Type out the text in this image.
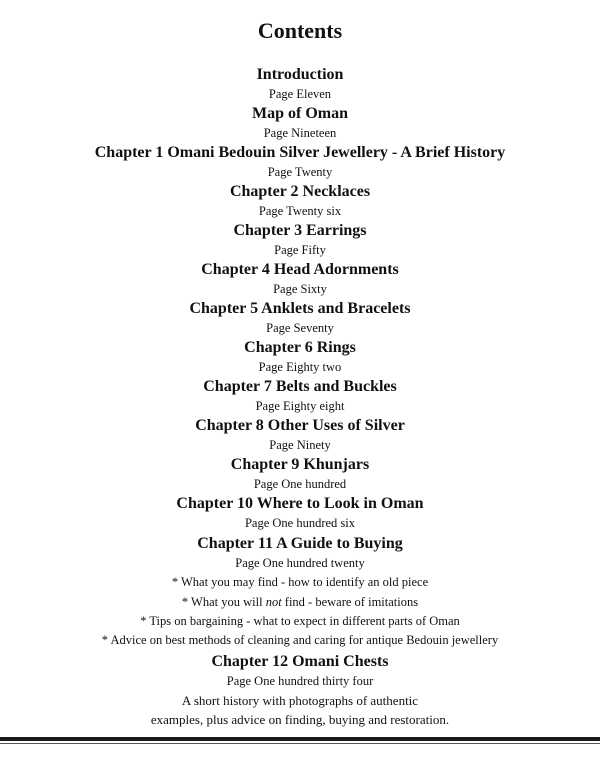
Contents
Introduction
Page Eleven
Map of Oman
Page Nineteen
Chapter 1 Omani Bedouin Silver Jewellery - A Brief History
Page Twenty
Chapter 2 Necklaces
Page Twenty six
Chapter 3 Earrings
Page Fifty
Chapter 4 Head Adornments
Page Sixty
Chapter 5 Anklets and Bracelets
Page Seventy
Chapter 6 Rings
Page Eighty two
Chapter 7 Belts and Buckles
Page Eighty eight
Chapter 8 Other Uses of Silver
Page Ninety
Chapter 9 Khunjars
Page One hundred
Chapter 10 Where to Look in Oman
Page One hundred six
Chapter 11 A Guide to Buying
Page One hundred twenty
* What you may find - how to identify an old piece
* What you will not find - beware of imitations
* Tips on bargaining - what to expect in different parts of Oman
* Advice on best methods of cleaning and caring for antique Bedouin jewellery
Chapter 12 Omani Chests
Page One hundred thirty four
A short history with photographs of authentic
examples, plus advice on finding, buying and restoration.
